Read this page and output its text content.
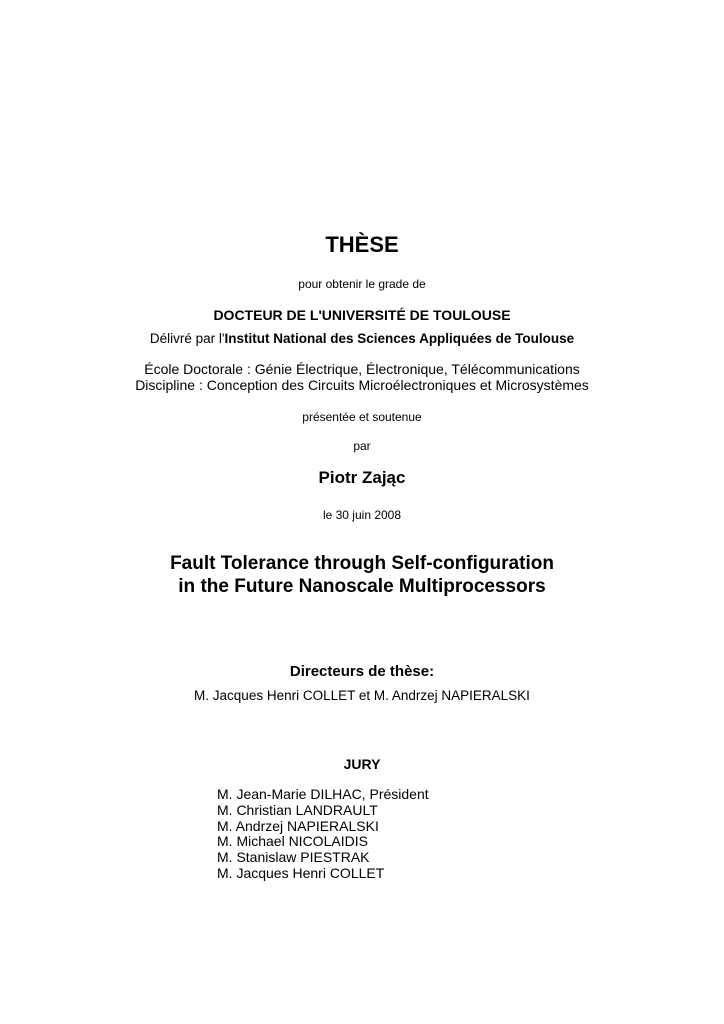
THÈSE
pour obtenir le grade de
DOCTEUR DE L'UNIVERSITÉ DE TOULOUSE
Délivré par l'Institut National des Sciences Appliquées de Toulouse
École Doctorale : Génie Électrique, Électronique, Télécommunications
Discipline : Conception des Circuits Microélectroniques et Microsystèmes
présentée et soutenue
par
Piotr Zając
le 30 juin 2008
Fault Tolerance through Self-configuration
in the Future Nanoscale Multiprocessors
Directeurs de thèse:
M. Jacques Henri COLLET et M. Andrzej NAPIERALSKI
JURY
M. Jean-Marie DILHAC, Président
M. Christian LANDRAULT
M. Andrzej NAPIERALSKI
M. Michael NICOLAIDIS
M. Stanislaw PIESTRAK
M. Jacques Henri COLLET
